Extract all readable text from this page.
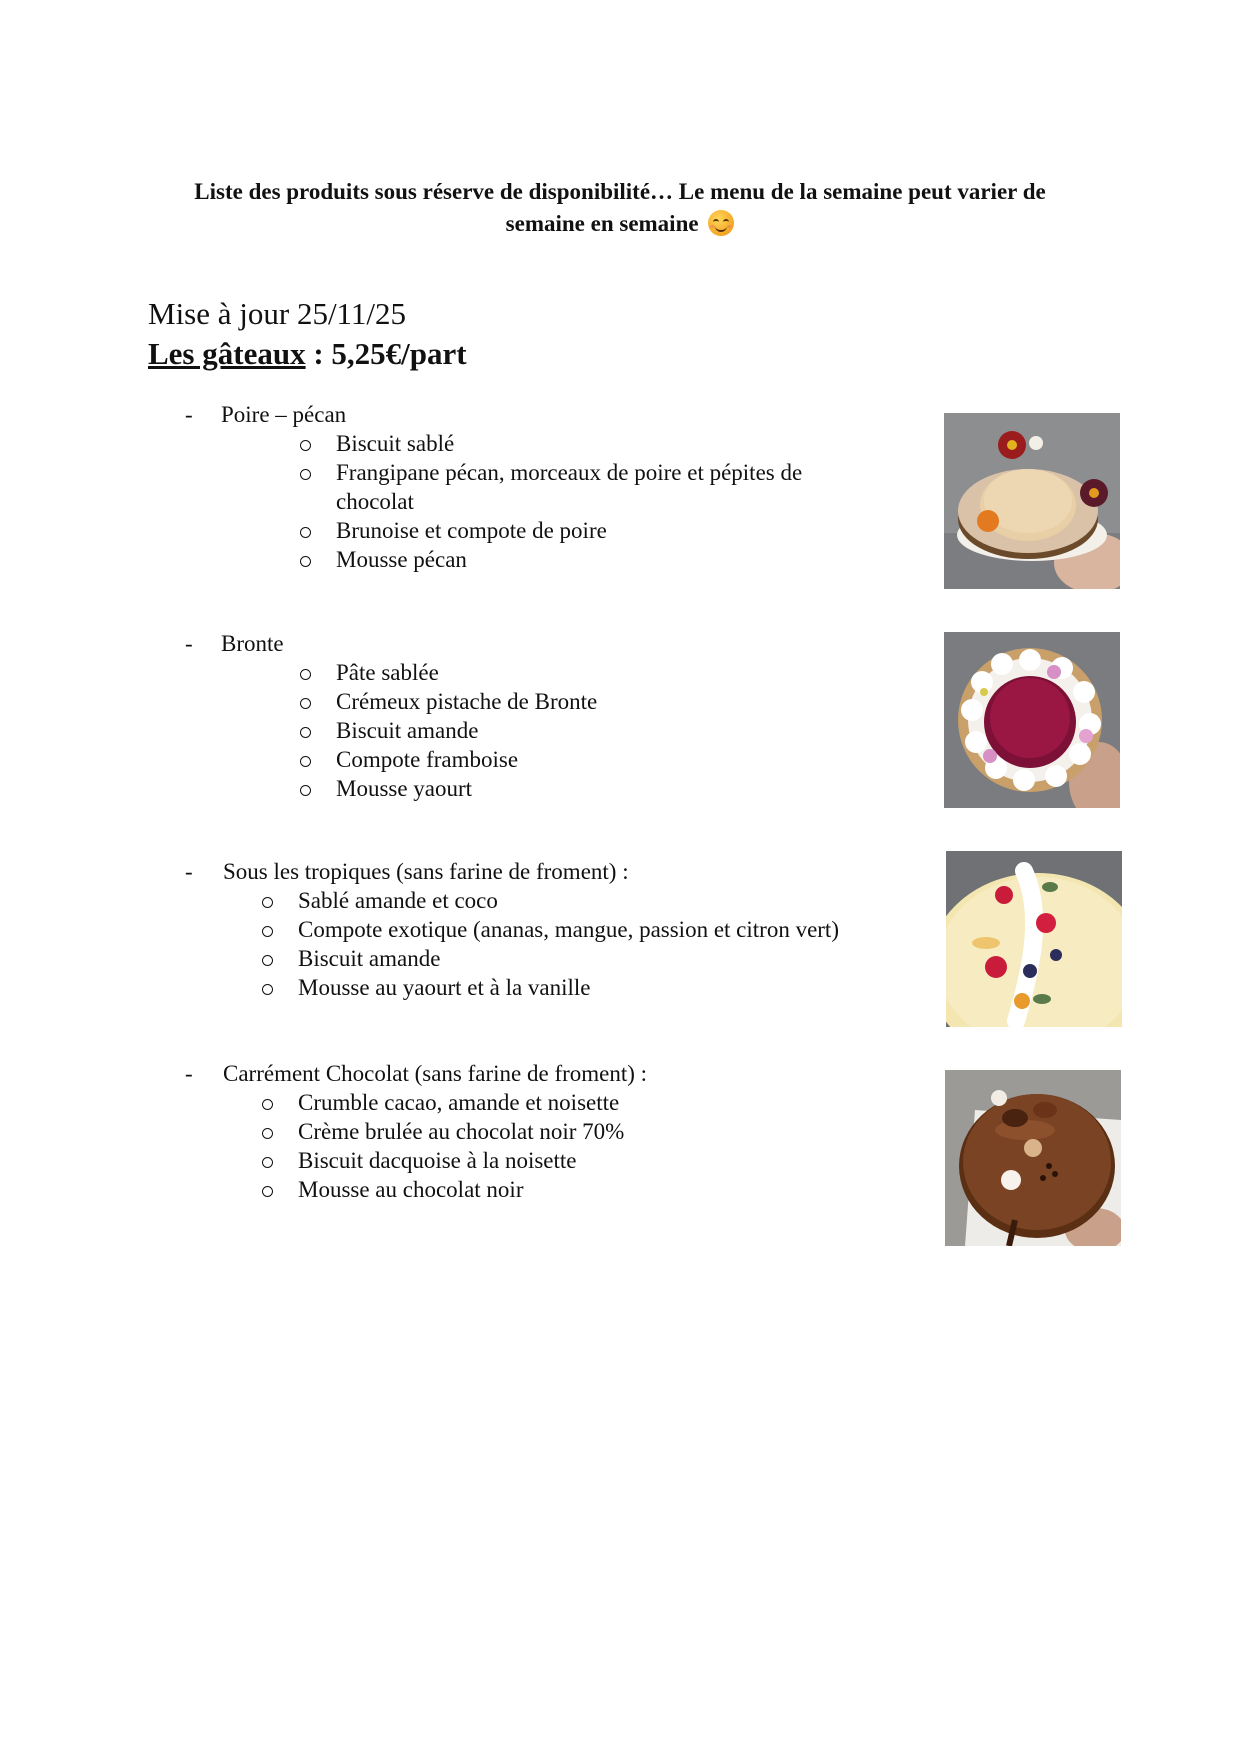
Liste des produits sous réserve de disponibilité… Le menu de la semaine peut varier de
semaine en semaine
Mise à jour 25/11/25
Les gâteaux : 5,25€/part
- Poire – pécan
Biscuit sablé
Frangipane pécan, morceaux de poire et pépites de chocolat
Brunoise et compote de poire
Mousse pécan
- Bronte
Pâte sablée
Crémeux pistache de Bronte
Biscuit amande
Compote framboise
Mousse yaourt
- Sous les tropiques (sans farine de froment) :
Sablé amande et coco
Compote exotique (ananas, mangue, passion et citron vert)
Biscuit amande
Mousse au yaourt et à la vanille
- Carrément Chocolat (sans farine de froment) :
Crumble cacao, amande et noisette
Crème brulée au chocolat noir 70%
Biscuit dacquoise à la noisette
Mousse au chocolat noir
